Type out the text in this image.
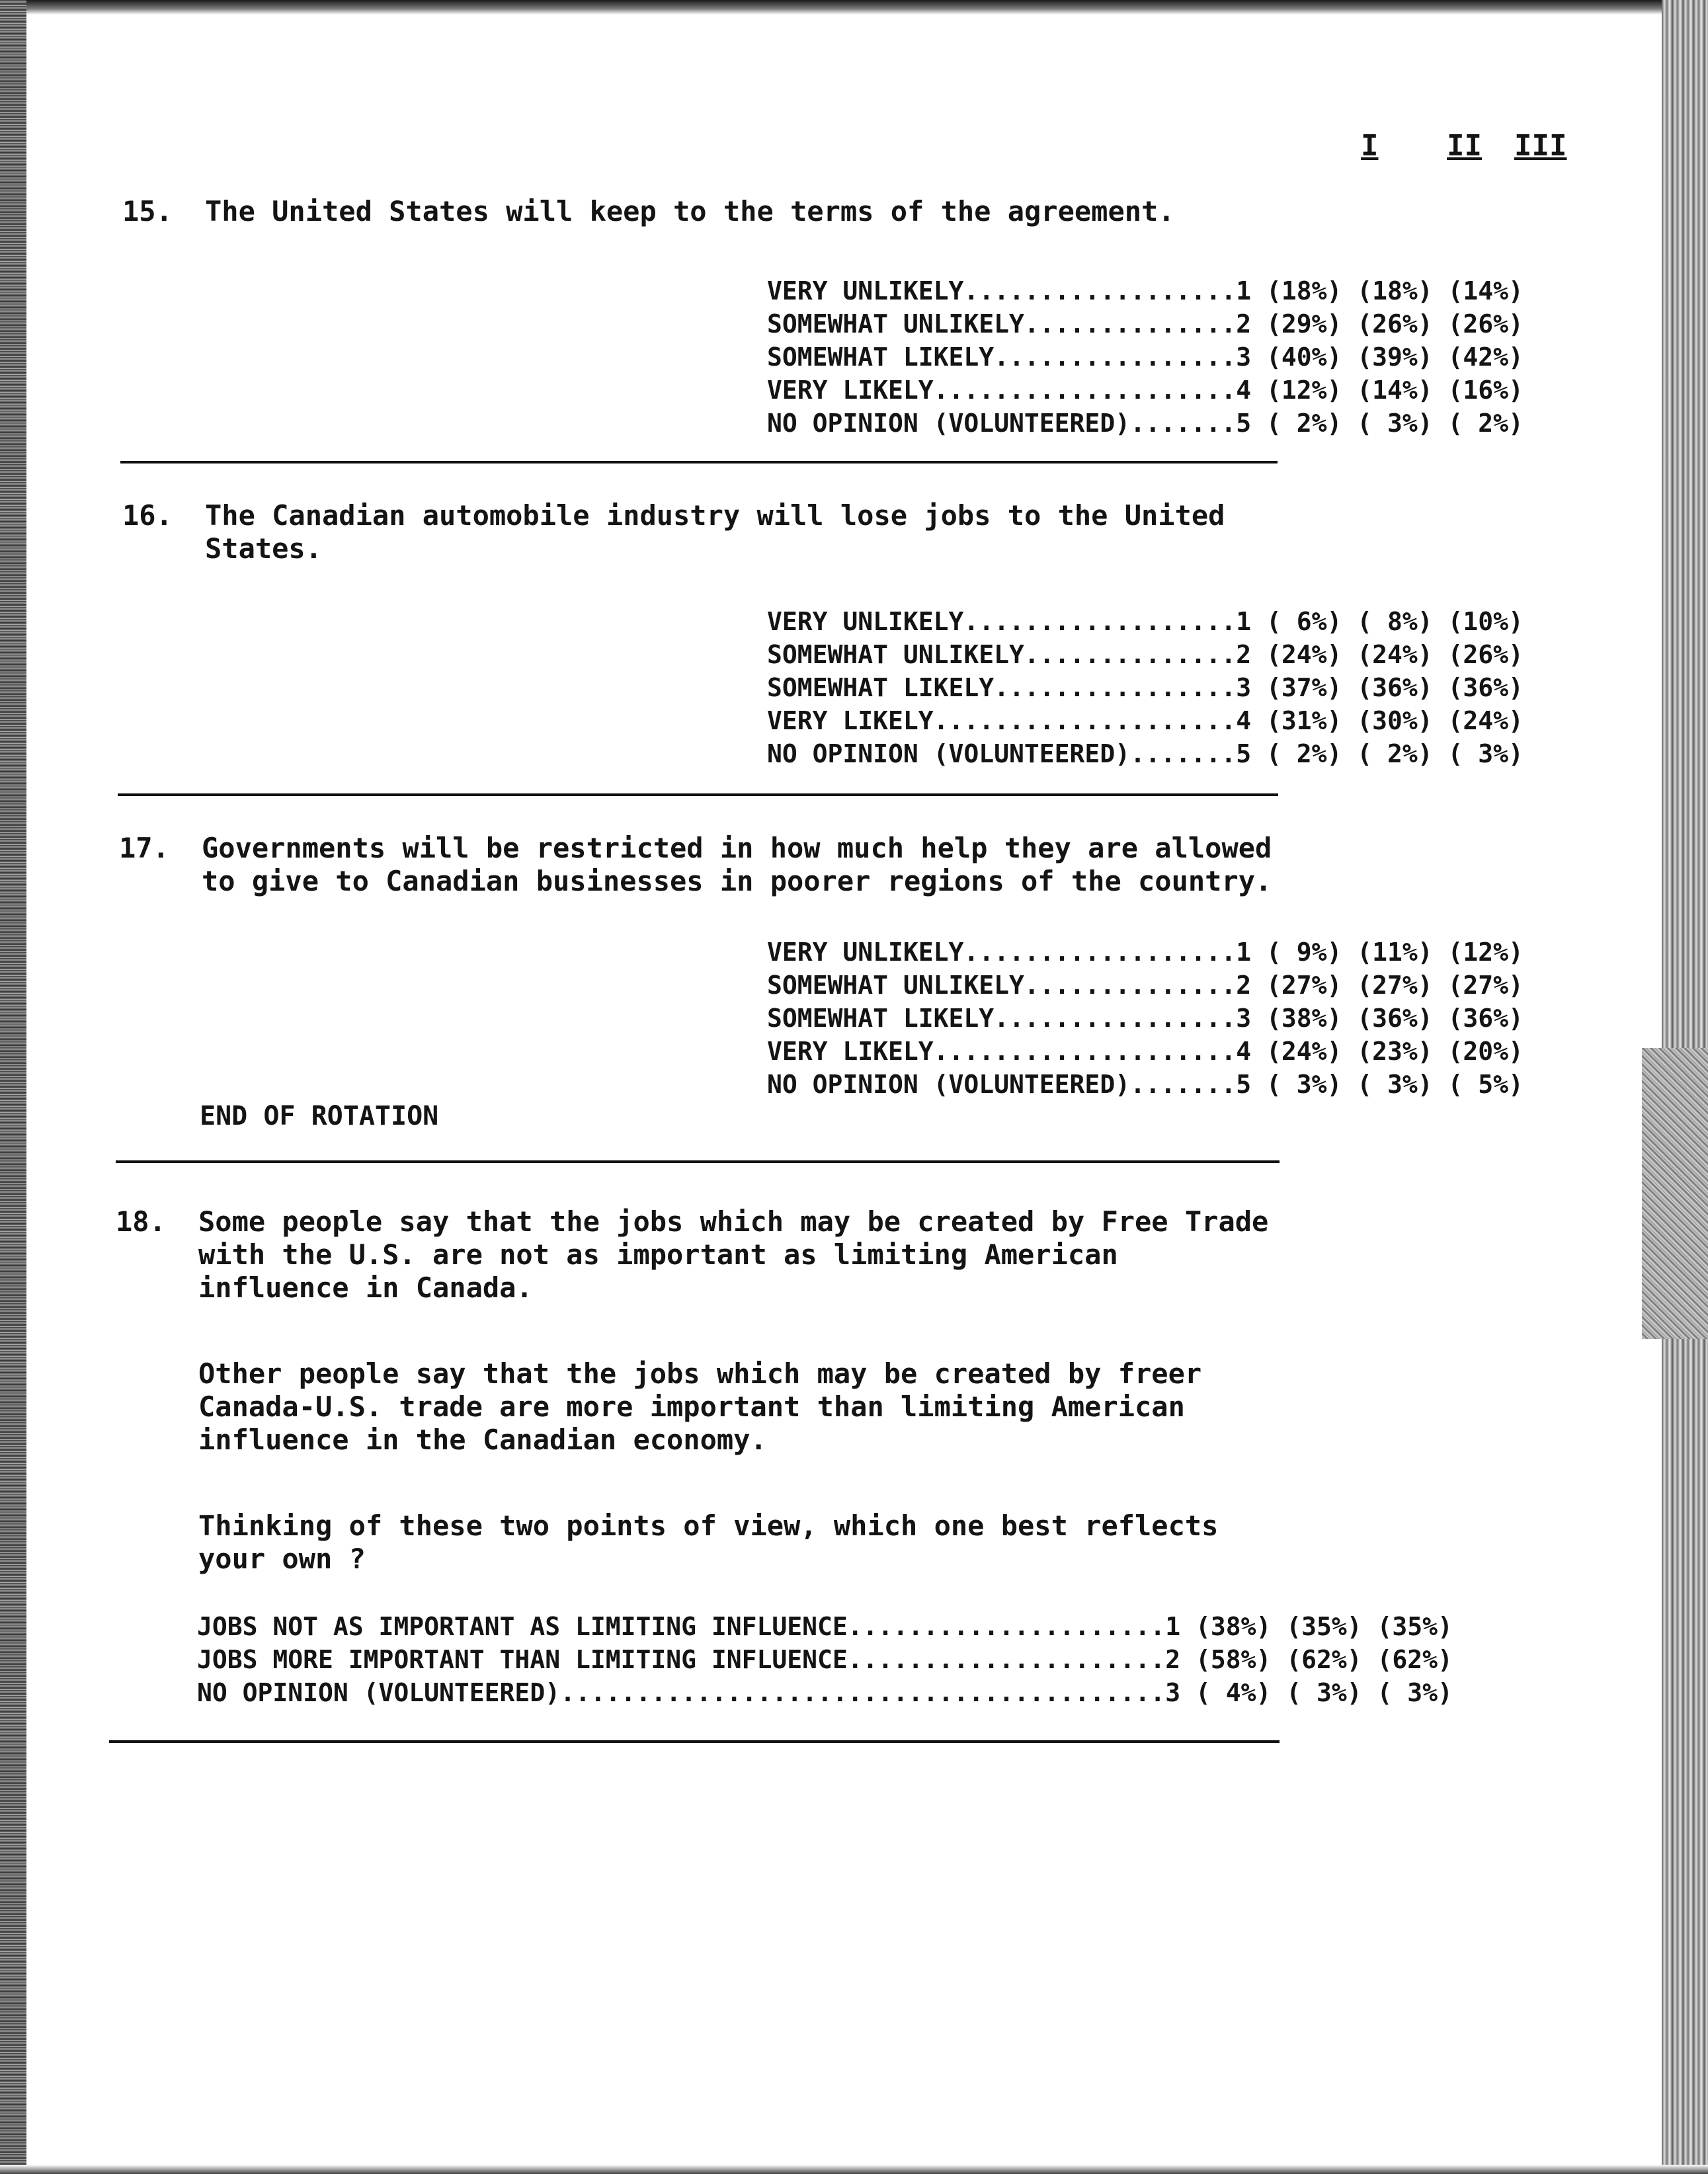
I II III

15.

The United States will keep to the terms of the agreement.

VERY UNLIKELY..................1 (18%) (18%) (14%)
SOMEWHAT UNLIKELY..............2 (29%) (26%) (26%)
SOMEWHAT LIKELY................3 (40%) (39%) (42%)
VERY LIKELY....................4 (12%) (14%) (16%)
NO OPINION (VOLUNTEERED).......5 ( 2%) ( 3%) ( 2%)

16.

The Canadian automobile industry will lose jobs to the United

States.

VERY UNLIKELY..................1 ( 6%) ( 8%) (10%)
SOMEWHAT UNLIKELY..............2 (24%) (24%) (26%)
SOMEWHAT LIKELY................3 (37%) (36%) (36%)
VERY LIKELY....................4 (31%) (30%) (24%)
NO OPINION (VOLUNTEERED).......5 ( 2%) ( 2%) ( 3%)

17.

Governments will be restricted in how much help they are allowed

to give to Canadian businesses in poorer regions of the country.

VERY UNLIKELY..................1 ( 9%) (11%) (12%)
SOMEWHAT UNLIKELY..............2 (27%) (27%) (27%)
SOMEWHAT LIKELY................3 (38%) (36%) (36%)
VERY LIKELY....................4 (24%) (23%) (20%)
NO OPINION (VOLUNTEERED).......5 ( 3%) ( 3%) ( 5%)
END OF ROTATION

18.

Some people say that the jobs which may be created by Free Trade

with the U.S. are not as important as limiting American

influence in Canada.

Other people say that the jobs which may be created by freer

Canada-U.S. trade are more important than limiting American

influence in the Canadian economy.

Thinking of these two points of view, which one best reflects

your own ?

JOBS NOT AS IMPORTANT AS LIMITING INFLUENCE.....................1 (38%) (35%) (35%)
JOBS MORE IMPORTANT THAN LIMITING INFLUENCE.....................2 (58%) (62%) (62%)
NO OPINION (VOLUNTEERED)........................................3 ( 4%) ( 3%) ( 3%)
